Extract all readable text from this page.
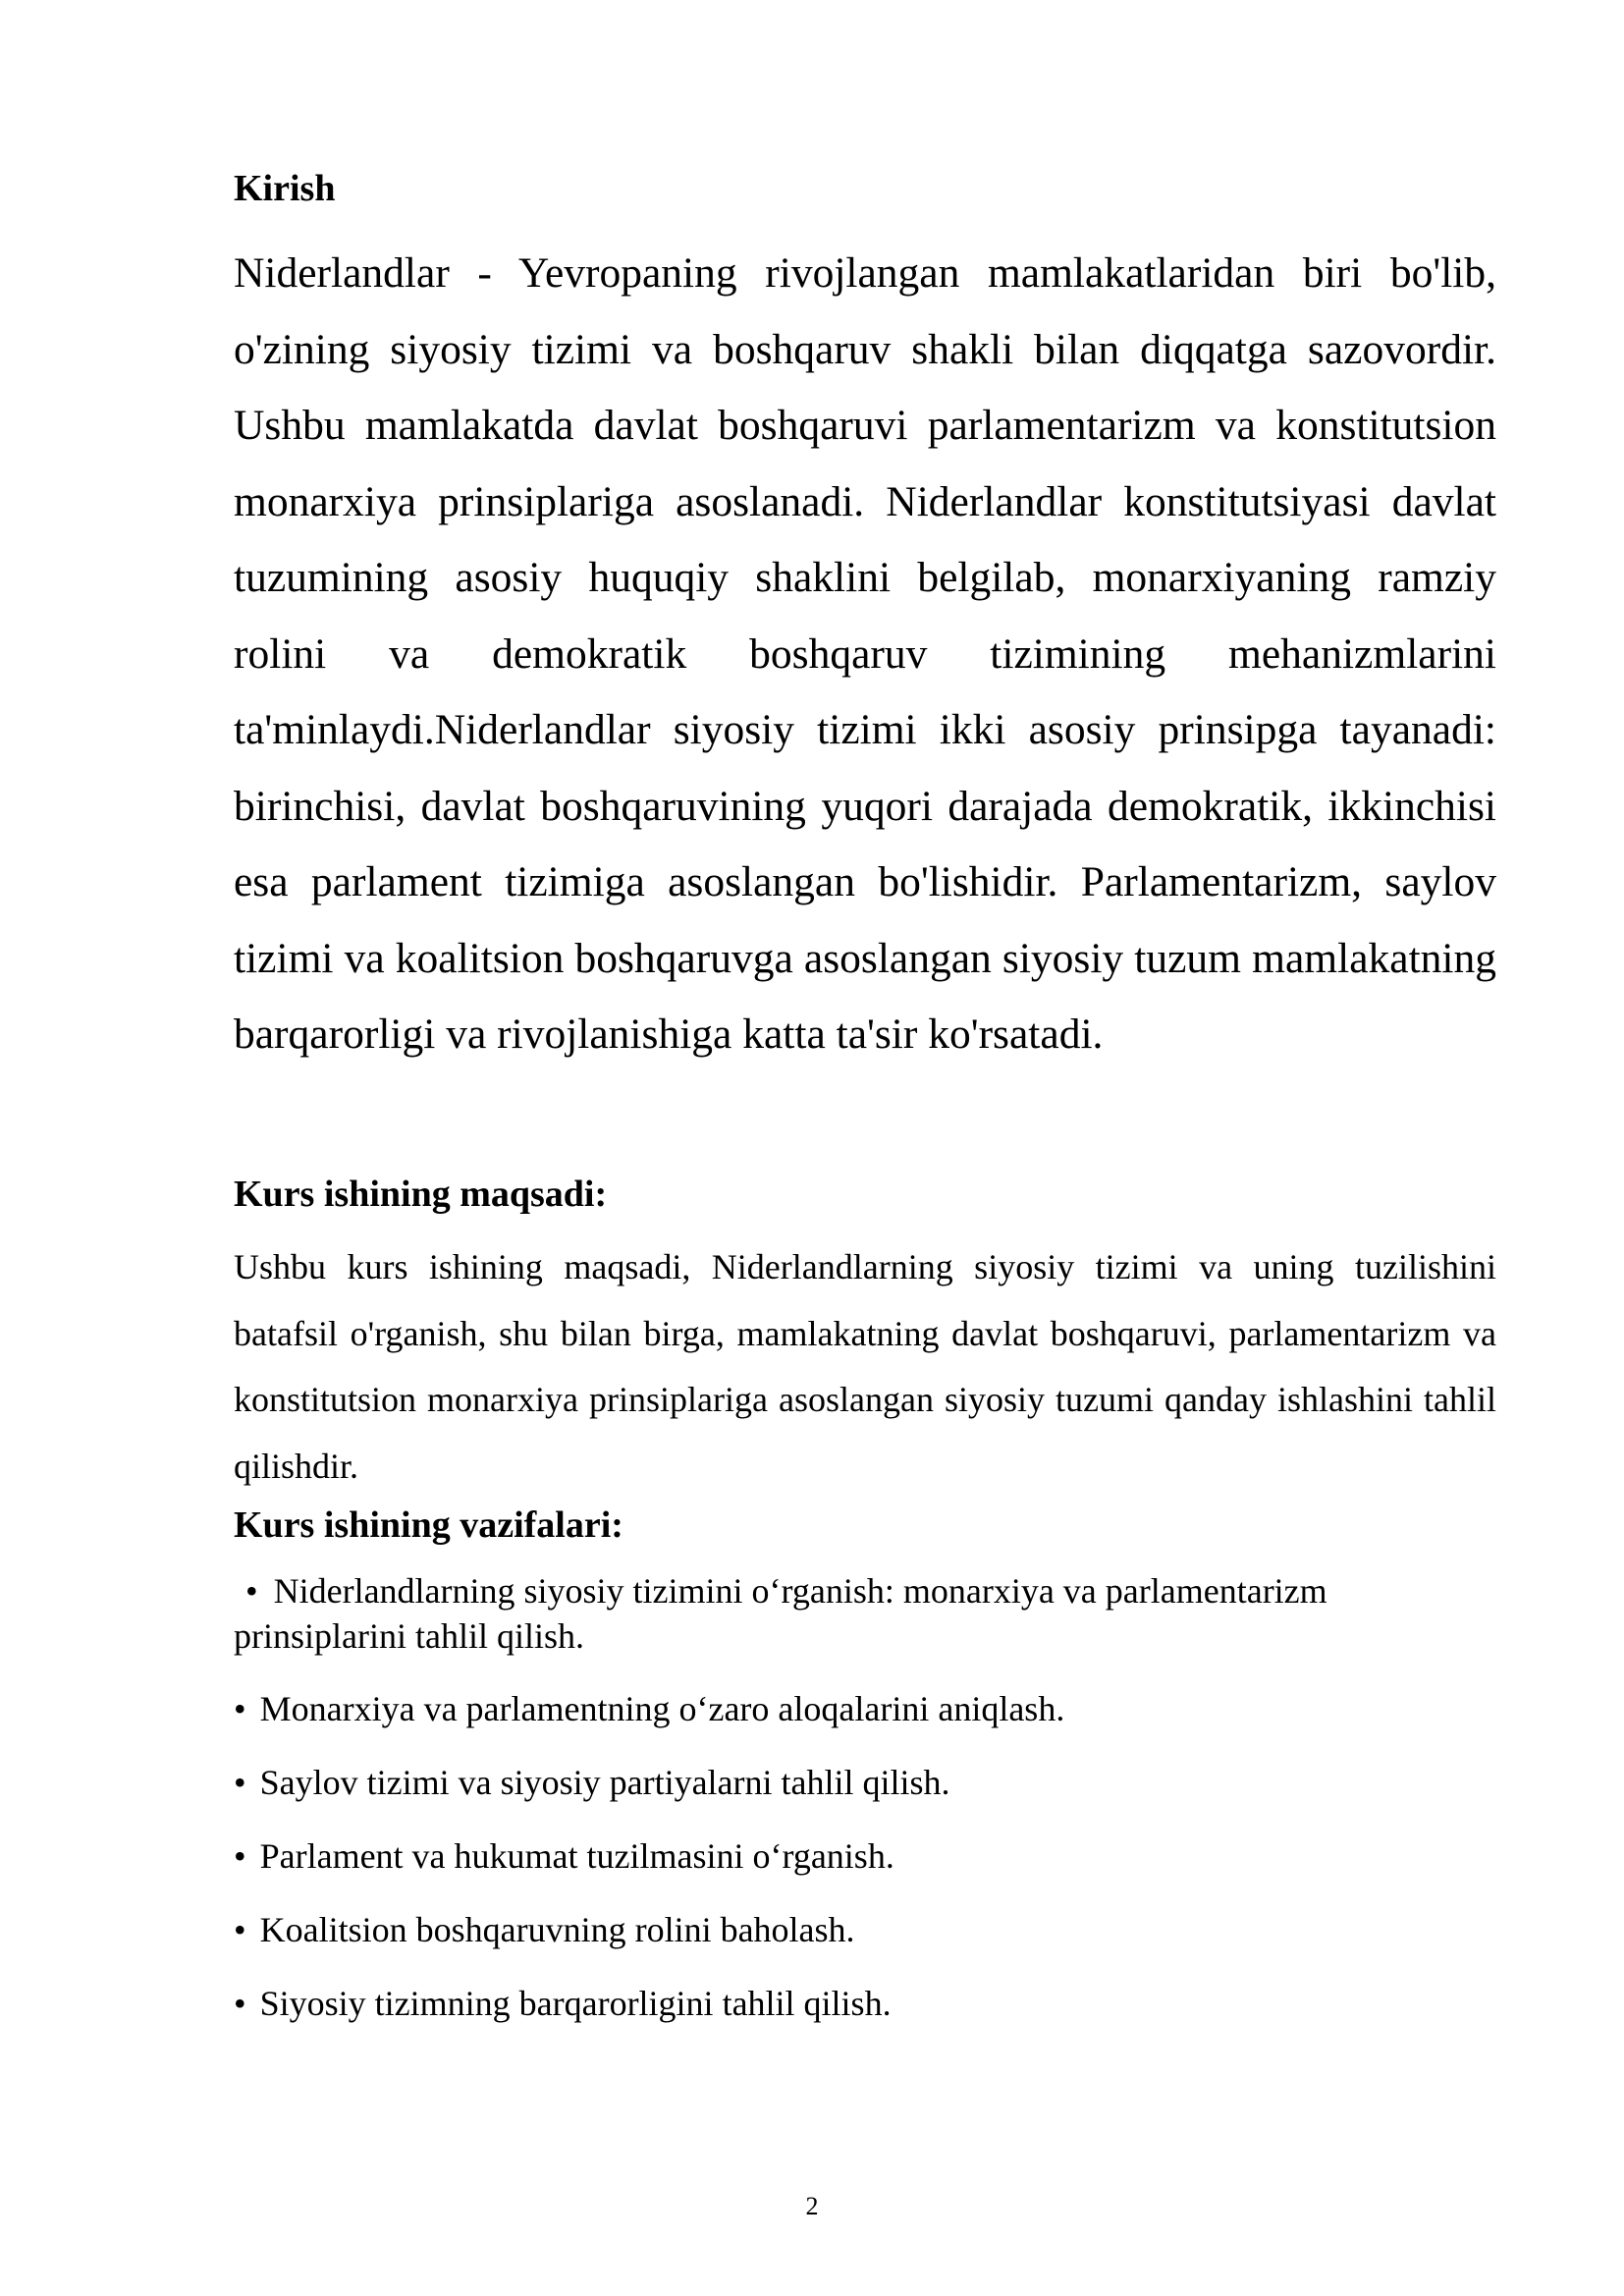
Kirish

Niderlandlar - Yevropaning rivojlangan mamlakatlaridan biri bo'lib, o'zining siyosiy tizimi va boshqaruv shakli bilan diqqatga sazovordir. Ushbu mamlakatda davlat boshqaruvi parlamentarizm va konstitutsion monarxiya prinsiplariga asoslanadi. Niderlandlar konstitutsiyasi davlat tuzumining asosiy huquqiy shaklini belgilab, monarxiyaning ramziy rolini va demokratik boshqaruv tizimining mehanizmlarini ta'minlaydi.Niderlandlar siyosiy tizimi ikki asosiy prinsipga tayanadi: birinchisi, davlat boshqaruvining yuqori darajada demokratik, ikkinchisi esa parlament tizimiga asoslangan bo'lishidir. Parlamentarizm, saylov tizimi va koalitsion boshqaruvga asoslangan siyosiy tuzum mamlakatning barqarorligi va rivojlanishiga katta ta'sir ko'rsatadi.

Kurs ishining maqsadi:

Ushbu kurs ishining maqsadi, Niderlandlarning siyosiy tizimi va uning tuzilishini batafsil o'rganish, shu bilan birga, mamlakatning davlat boshqaruvi, parlamentarizm va konstitutsion monarxiya prinsiplariga asoslangan siyosiy tuzumi qanday ishlashini tahlil qilishdir.

Kurs ishining vazifalari:
• Niderlandlarning siyosiy tizimini o‘rganish: monarxiya va parlamentarizm prinsiplarini tahlil qilish.
• Monarxiya va parlamentning o‘zaro aloqalarini aniqlash.
• Saylov tizimi va siyosiy partiyalarni tahlil qilish.
• Parlament va hukumat tuzilmasini o‘rganish.
• Koalitsion boshqaruvning rolini baholash.
• Siyosiy tizimning barqarorligini tahlil qilish.
2
